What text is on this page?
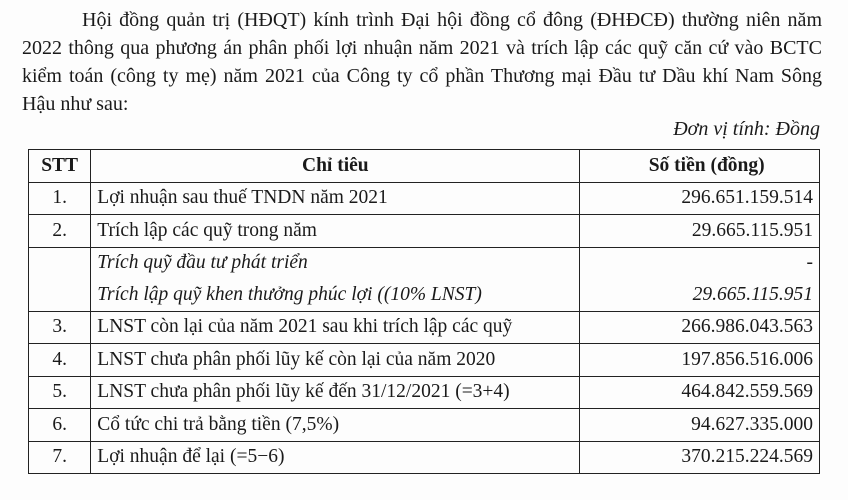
Hội đồng quản trị (HĐQT) kính trình Đại hội đồng cổ đông (ĐHĐCĐ) thường niên năm 2022 thông qua phương án phân phối lợi nhuận năm 2021 và trích lập các quỹ căn cứ vào BCTC kiểm toán (công ty mẹ) năm 2021 của Công ty cổ phần Thương mại Đầu tư Dầu khí Nam Sông Hậu như sau:

Đơn vị tính: Đồng
STT	Chỉ tiêu	Số tiền (đồng)
1.	Lợi nhuận sau thuế TNDN năm 2021	296.651.159.514
2.	Trích lập các quỹ trong năm	29.665.115.951
	Trích quỹ đầu tư phát triển	-
	Trích lập quỹ khen thưởng phúc lợi ((10% LNST)	29.665.115.951
3.	LNST còn lại của năm 2021 sau khi trích lập các quỹ	266.986.043.563
4.	LNST chưa phân phối lũy kế còn lại của năm 2020	197.856.516.006
5.	LNST chưa phân phối lũy kế đến 31/12/2021 (=3+4)	464.842.559.569
6.	Cổ tức chi trả bằng tiền (7,5%)	94.627.335.000
7.	Lợi nhuận để lại (=5−6)	370.215.224.569
